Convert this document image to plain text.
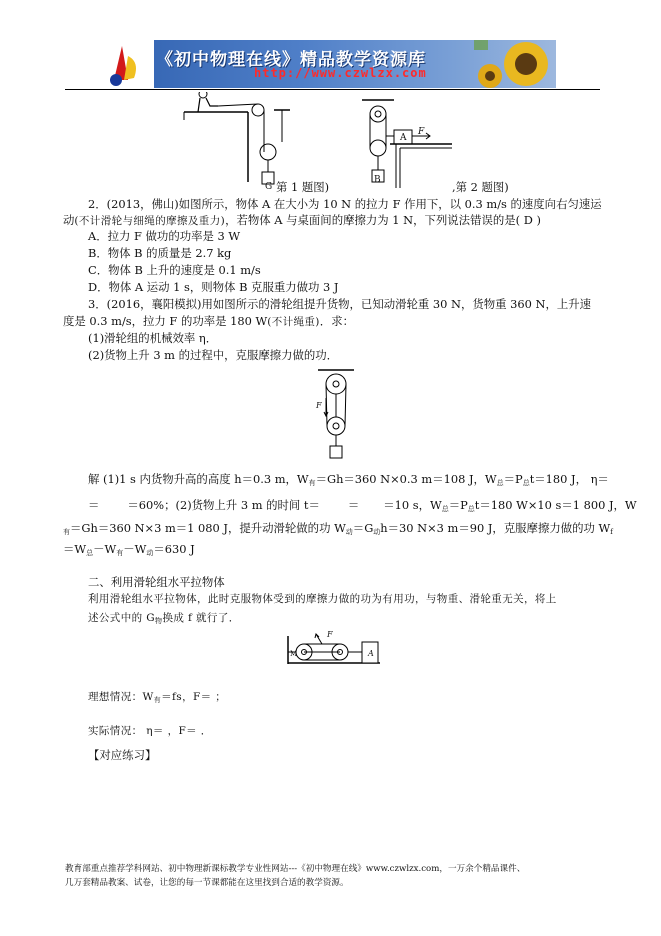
《初中物理在线》精品教学资源库
http://www.czwlzx.com
G 第 1 题图)
A
B
F
,第 2 题图)
2．(2013，佛山)如图所示，物体 A 在大小为 10 N 的拉力 F 作用下，以 0.3 m/s 的速度向右匀速运
动(不计滑轮与细绳的摩擦及重力)，若物体 A 与桌面间的摩擦力为 1 N，下列说法错误的是( D )
A．拉力 F 做功的功率是 3 W
B．物体 B 的质量是 2.7 kg
C．物体 B 上升的速度是 0.1 m/s
D．物体 A 运动 1 s，则物体 B 克服重力做功 3 J
3．(2016，襄阳模拟)用如图所示的滑轮组提升货物，已知动滑轮重 30 N，货物重 360 N，上升速
度是 0.3 m/s，拉力 F 的功率是 180 W(不计绳重)．求：
(1)滑轮组的机械效率 η．
(2)货物上升 3 m 的过程中，克服摩擦力做的功．
F
解 (1)1 s 内货物升高的高度 h＝0.3 m，$W_有=Gh=360$ N×0.3 m＝108 J，$W_总=P_总t=180$ J， η＝
＝ ＝60%；(2)货物上升 3 m 的时间 t＝ ＝ ＝10 s，$W_总=P_总t=180$ W×10 s＝1 800 J，W
$_有$＝Gh＝360 N×3 m＝1 080 J，提升动滑轮做的功 $W_动=G_动h=30$ N×3 m＝90 J，克服摩擦力做的功 $W_f$
$=W_总-W_有-W_动=630$ J
二、利用滑轮组水平拉物体
利用滑轮组水平拉物体，此时克服物体受到的摩擦力做的功为有用功，与物重、滑轮重无关，将上
述公式中的 $G_物$换成 f 就行了．
F
A
M
理想情况：$W_有=fs$，F＝ ；
实际情况： η＝ ，F＝ ．
【对应练习】
教育部重点推荐学科网站、初中物理新课标教学专业性网站---《初中物理在线》www.czwlzx.com，一万余个精品课件、
几万套精品教案、试卷，让您的每一节课都能在这里找到合适的教学资源。
